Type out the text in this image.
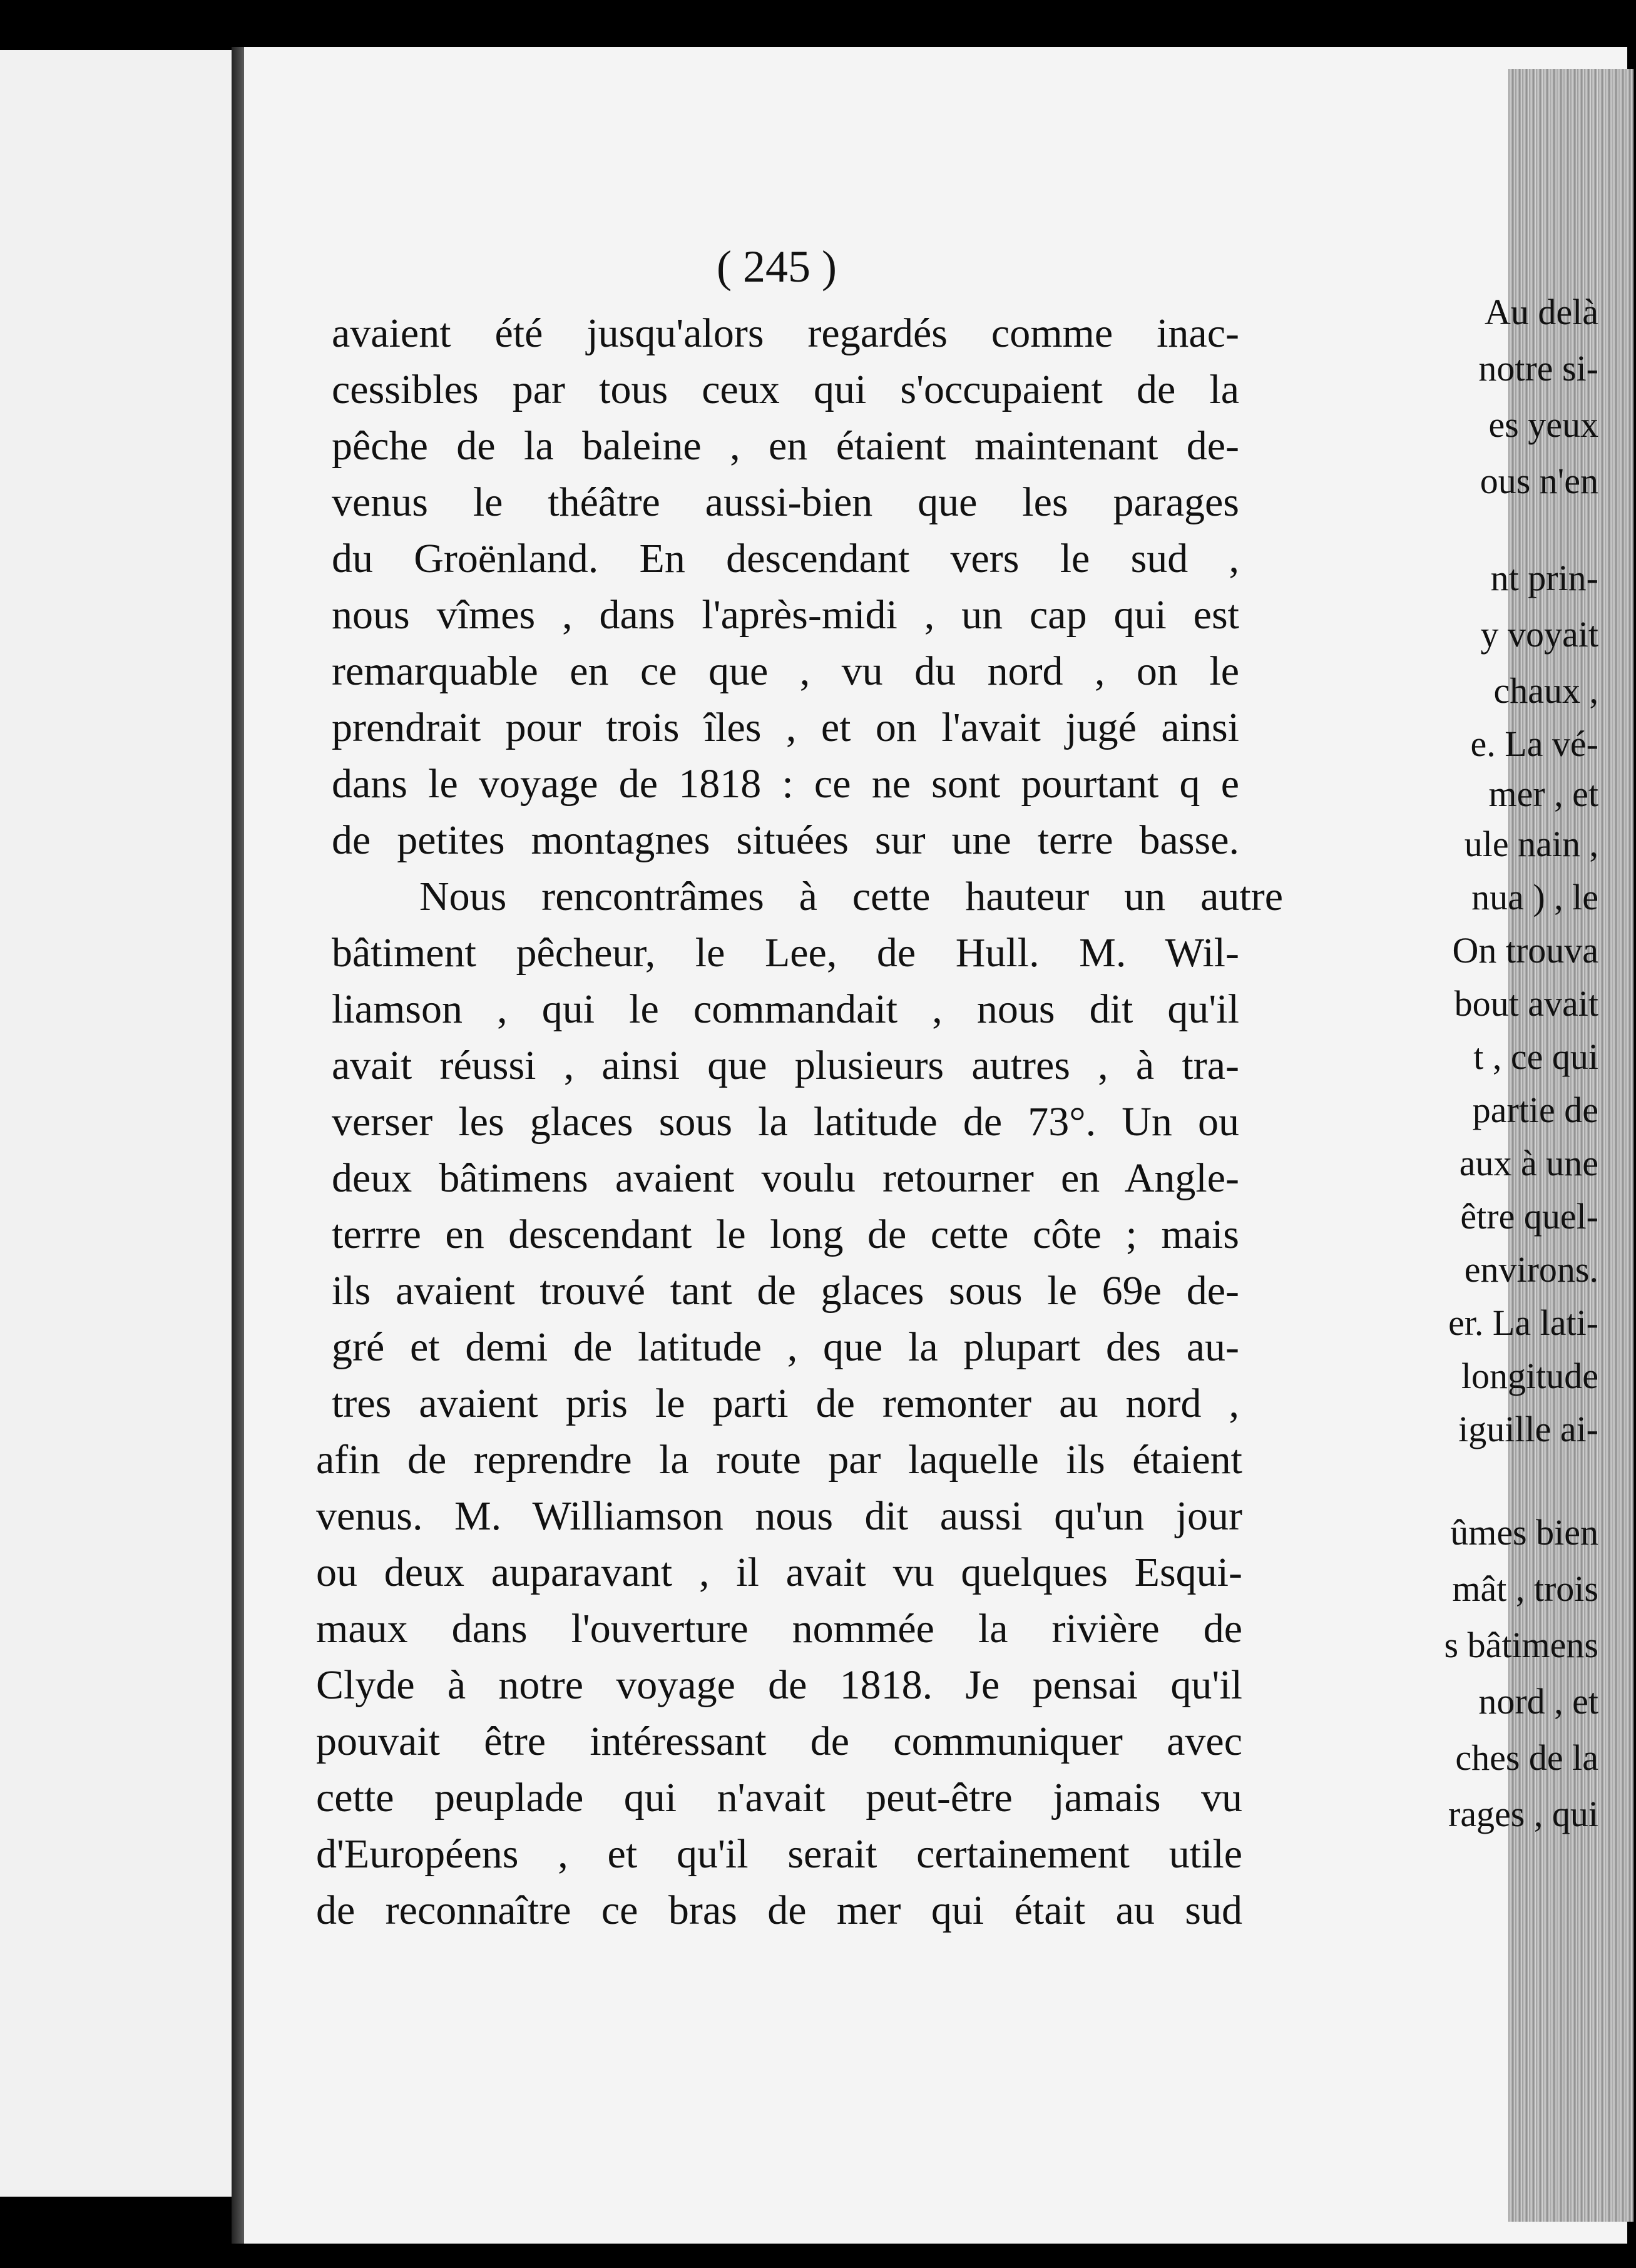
Au delà
notre si-
es yeux
ous n'en
nt prin-
y voyait
chaux ,
e. La vé-
mer , et
ule nain ,
nua ) , le
On trouva
bout avait
t , ce qui
partie de
aux à une
être quel-
environs.
er. La lati-
longitude
iguille ai-
ûmes bien
mât , trois
s bâtimens
nord , et
ches de la
rages , qui
( 245 )
avaient été jusqu'alors regardés comme inac-
cessibles par tous ceux qui s'occupaient de la
pêche de la baleine , en étaient maintenant de-
venus le théâtre aussi-bien que les parages
du Groënland. En descendant vers le sud ,
nous vîmes , dans l'après-midi , un cap qui est
remarquable en ce que , vu du nord , on le
prendrait pour trois îles , et on l'avait jugé ainsi
dans le voyage de 1818 : ce ne sont pourtant q e
de petites montagnes situées sur une terre basse.
Nous rencontrâmes à cette hauteur un autre
bâtiment pêcheur, le Lee, de Hull. M. Wil-
liamson , qui le commandait , nous dit qu'il
avait réussi , ainsi que plusieurs autres , à tra-
verser les glaces sous la latitude de 73°. Un ou
deux bâtimens avaient voulu retourner en Angle-
terrre en descendant le long de cette côte ; mais
ils avaient trouvé tant de glaces sous le 69e de-
gré et demi de latitude , que la plupart des au-
tres avaient pris le parti de remonter au nord ,
afin de reprendre la route par laquelle ils étaient
venus. M. Williamson nous dit aussi qu'un jour
ou deux auparavant , il avait vu quelques Esqui-
maux dans l'ouverture nommée la rivière de
Clyde à notre voyage de 1818. Je pensai qu'il
pouvait être intéressant de communiquer avec
cette peuplade qui n'avait peut-être jamais vu
d'Européens , et qu'il serait certainement utile
de reconnaître ce bras de mer qui était au sud
